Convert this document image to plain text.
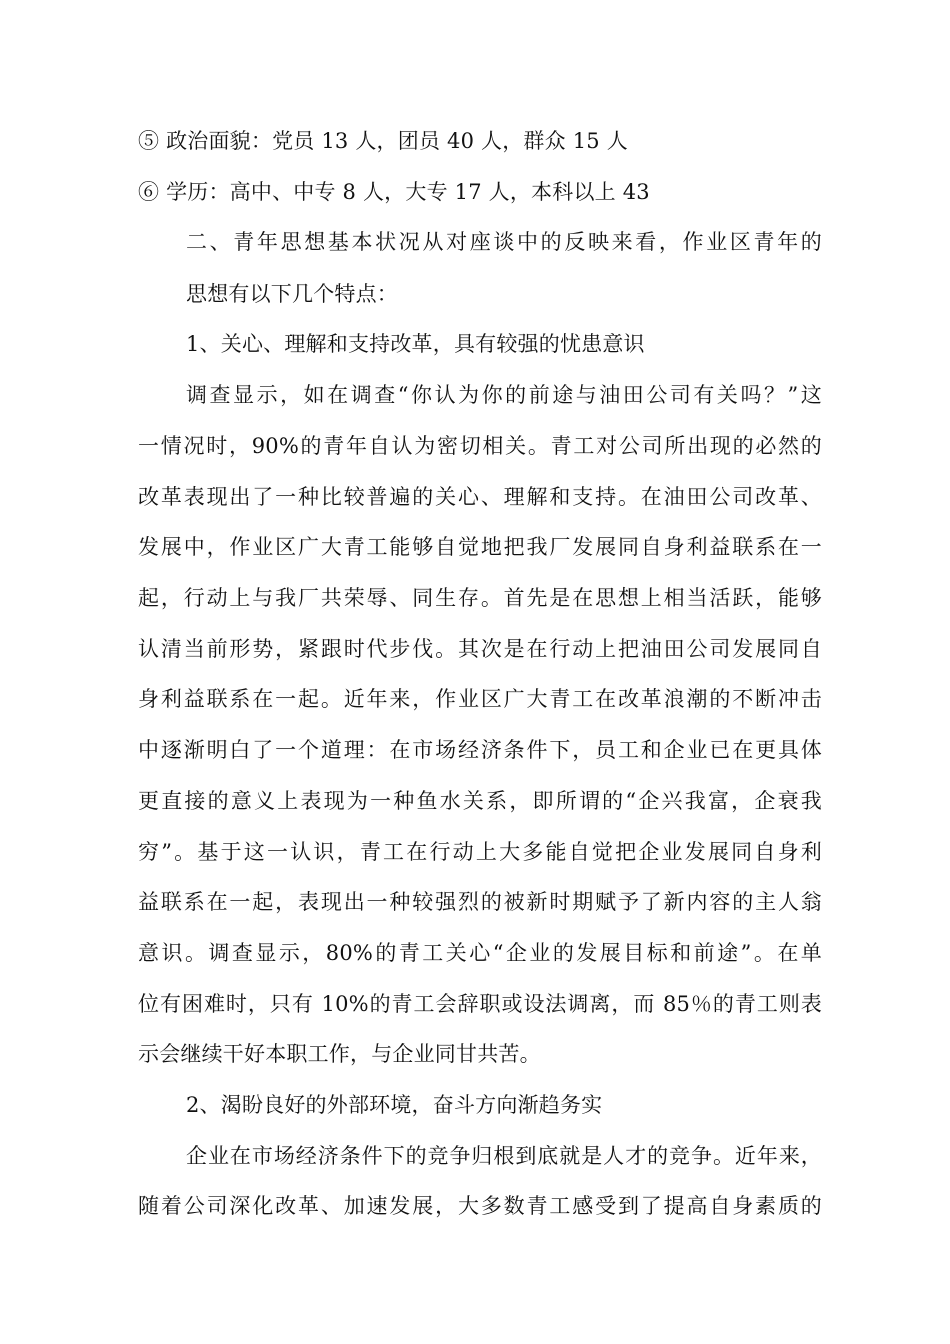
⑤ 政治面貌：党员 13 人，团员 40 人，群众 15 人
⑥ 学历：高中、中专 8 人，大专 17 人，本科以上 43
二、青年思想基本状况从对座谈中的反映来看，作业区青年的
思想有以下几个特点：
1、关心、理解和支持改革，具有较强的忧患意识
调查显示，如在调查“你认为你的前途与油田公司有关吗？”这
一情况时，90%的青年自认为密切相关。青工对公司所出现的必然的
改革表现出了一种比较普遍的关心、理解和支持。在油田公司改革、
发展中，作业区广大青工能够自觉地把我厂发展同自身利益联系在一
起，行动上与我厂共荣辱、同生存。首先是在思想上相当活跃，能够
认清当前形势，紧跟时代步伐。其次是在行动上把油田公司发展同自
身利益联系在一起。近年来，作业区广大青工在改革浪潮的不断冲击
中逐渐明白了一个道理：在市场经济条件下，员工和企业已在更具体
更直接的意义上表现为一种鱼水关系，即所谓的“企兴我富，企衰我
穷”。基于这一认识，青工在行动上大多能自觉把企业发展同自身利
益联系在一起，表现出一种较强烈的被新时期赋予了新内容的主人翁
意识。调查显示，80%的青工关心“企业的发展目标和前途”。在单
位有困难时，只有 10%的青工会辞职或设法调离，而 85％的青工则表
示会继续干好本职工作，与企业同甘共苦。
2、渴盼良好的外部环境，奋斗方向渐趋务实
企业在市场经济条件下的竞争归根到底就是人才的竞争。近年来，
随着公司深化改革、加速发展，大多数青工感受到了提高自身素质的
